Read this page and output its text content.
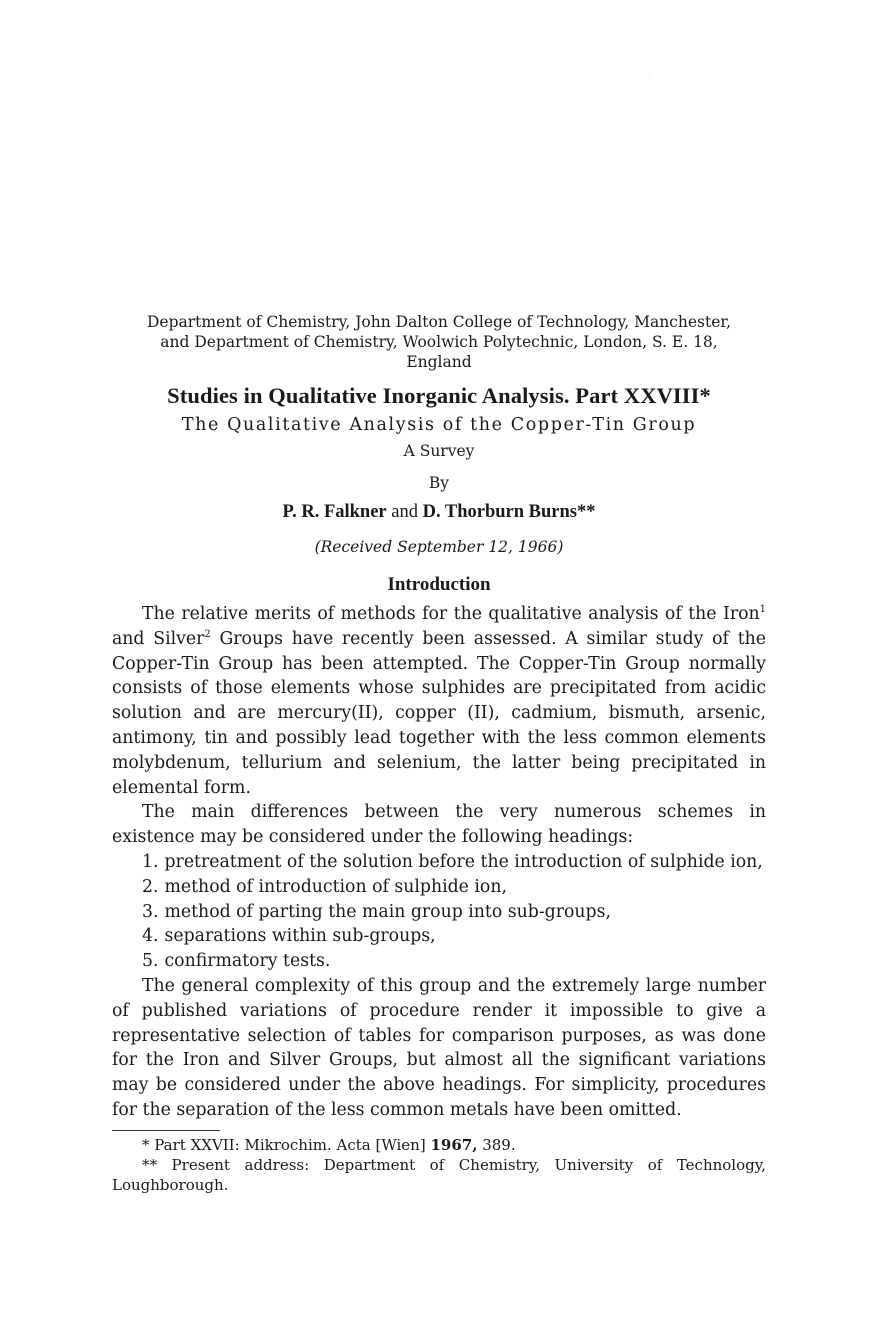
Department of Chemistry, John Dalton College of Technology, Manchester,
and Department of Chemistry, Woolwich Polytechnic, London, S. E. 18,
England
Studies in Qualitative Inorganic Analysis. Part XXVIII*
The Qualitative Analysis of the Copper-Tin Group
A Survey
By
P. R. Falkner and D. Thorburn Burns**
(Received September 12, 1966)
Introduction

The relative merits of methods for the qualitative analysis of the Iron$^1$ and Silver$^2$ Groups have recently been assessed. A similar study of the Copper-Tin Group has been attempted. The Copper-Tin Group normally consists of those elements whose sulphides are precipitated from acidic solution and are mercury(II), copper (II), cadmium, bismuth, arsenic, antimony, tin and possibly lead together with the less common elements molybdenum, tellurium and selenium, the latter being precipitated in elemental form.

The main differences between the very numerous schemes in existence may be considered under the following headings:

1. pretreatment of the solution before the introduction of sulphide ion,
2. method of introduction of sulphide ion,
3. method of parting the main group into sub-groups,
4. separations within sub-groups,
5. confirmatory tests.

The general complexity of this group and the extremely large number of published variations of procedure render it impossible to give a representative selection of tables for comparison purposes, as was done for the Iron and Silver Groups, but almost all the significant variations may be considered under the above headings. For simplicity, procedures for the separation of the less common metals have been omitted.

* Part XXVII: Mikrochim. Acta [Wien] 1967, 389.

** Present address: Department of Chemistry, University of Technology, Loughborough.
